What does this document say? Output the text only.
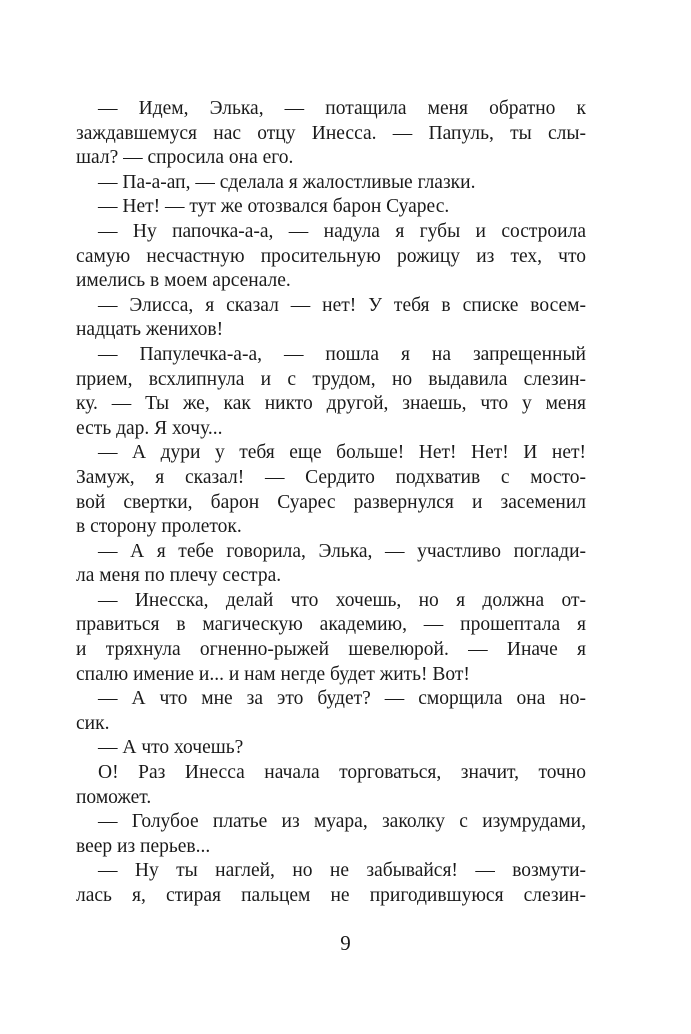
— Идем, Элька, — потащила меня обратно к
заждавшемуся нас отцу Инесса. — Папуль, ты слы-
шал? — спросила она его.
— Па-а-ап, — сделала я жалостливые глазки.
— Нет! — тут же отозвался барон Суарес.
— Ну папочка-а-а, — надула я губы и состроила
самую несчастную просительную рожицу из тех, что
имелись в моем арсенале.
— Элисса, я сказал — нет! У тебя в списке восем-
надцать женихов!
— Папулечка-а-а, — пошла я на запрещенный
прием, всхлипнула и с трудом, но выдавила слезин-
ку. — Ты же, как никто другой, знаешь, что у меня
есть дар. Я хочу...
— А дури у тебя еще больше! Нет! Нет! И нет!
Замуж, я сказал! — Сердито подхватив с мосто-
вой свертки, барон Суарес развернулся и засеменил
в сторону пролеток.
— А я тебе говорила, Элька, — участливо поглади-
ла меня по плечу сестра.
— Инесска, делай что хочешь, но я должна от-
правиться в магическую академию, — прошептала я
и тряхнула огненно-рыжей шевелюрой. — Иначе я
спалю имение и... и нам негде будет жить! Вот!
— А что мне за это будет? — сморщила она но-
сик.
— А что хочешь?
О! Раз Инесса начала торговаться, значит, точно
поможет.
— Голубое платье из муара, заколку с изумрудами,
веер из перьев...
— Ну ты наглей, но не забывайся! — возмути-
лась я, стирая пальцем не пригодившуюся слезин-
9
